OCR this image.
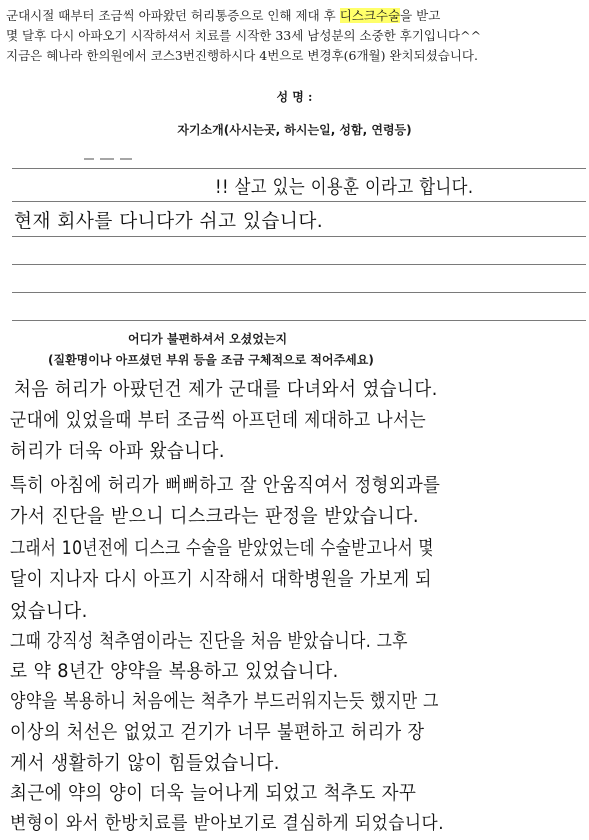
군대시절 때부터 조금씩 아파왔던 허리통증으로 인해 제대 후 디스크수술을 받고
몇 달후 다시 아파오기 시작하셔서 치료를 시작한 33세 남성분의 소중한 후기입니다^^
지금은 혜나라 한의원에서 코스3번진행하시다 4번으로 변경후(6개월) 완치되셨습니다.
성 명 :
자기소개(사시는곳, 하시는일, 성함, 연령등)
!! 살고 있는 이용훈 이라고 합니다.
현재 회사를 다니다가 쉬고 있습니다.
어디가 불편하셔서 오셨었는지
(질환명이나 아프셨던 부위 등을 조금 구체적으로 적어주세요)
처음 허리가 아팠던건 제가 군대를 다녀와서 였습니다.
군대에 있었을때 부터 조금씩 아프던데 제대하고 나서는
허리가 더욱 아파 왔습니다.
특히 아침에 허리가 뻐뻐하고 잘 안움직여서 정형외과를
가서 진단을 받으니 디스크라는 판정을 받았습니다.
그래서 10년전에 디스크 수술을 받았었는데 수술받고나서 몇
달이 지나자 다시 아프기 시작해서 대학병원을 가보게 되
었습니다.
그때 강직성 척추염이라는 진단을 처음 받았습니다. 그후
로 약 8년간 양약을 복용하고 있었습니다.
양약을 복용하니 처음에는 척추가 부드러워지는듯 했지만 그
이상의 처선은 없었고 걷기가 너무 불편하고 허리가 장
게서 생활하기 않이 힘들었습니다.
최근에 약의 양이 더욱 늘어나게 되었고 척추도 자꾸
변형이 와서 한방치료를 받아보기로 결심하게 되었습니다.
